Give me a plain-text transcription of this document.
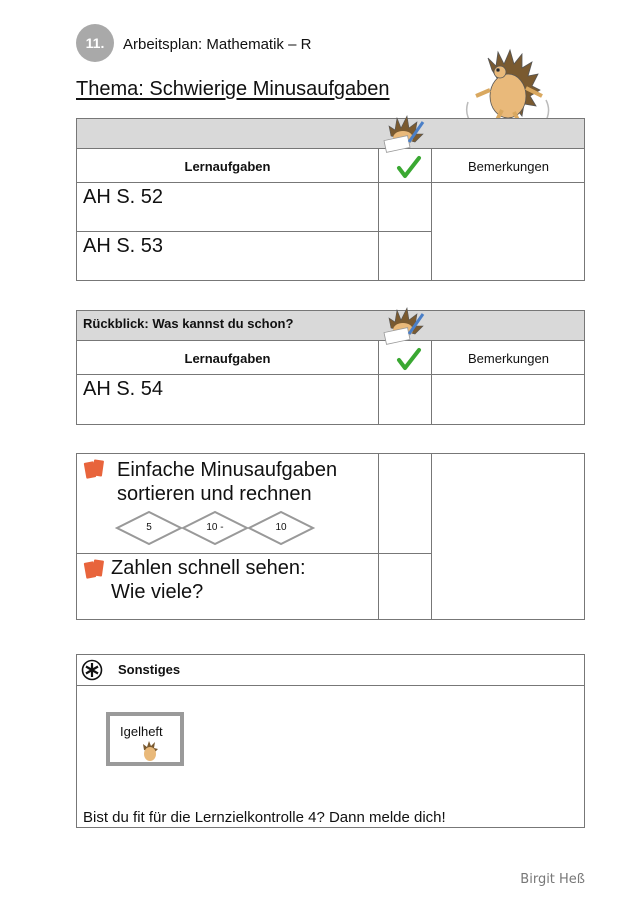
11.	Arbeitsplan: Mathematik – R
Thema: Schwierige Minusaufgaben
Lernaufgaben	Bemerkungen
AH S. 52
AH S. 53
Rückblick: Was kannst du schon?
Lernaufgaben	Bemerkungen
AH S. 54
Einfache Minusaufgaben
sortieren und rechnen
5	10 -	10
Zahlen schnell sehen:
Wie viele?
Sonstiges
Bist du fit für die Lernzielkontrolle 4? Dann melde dich!
Igelheft
Birgit Heß
